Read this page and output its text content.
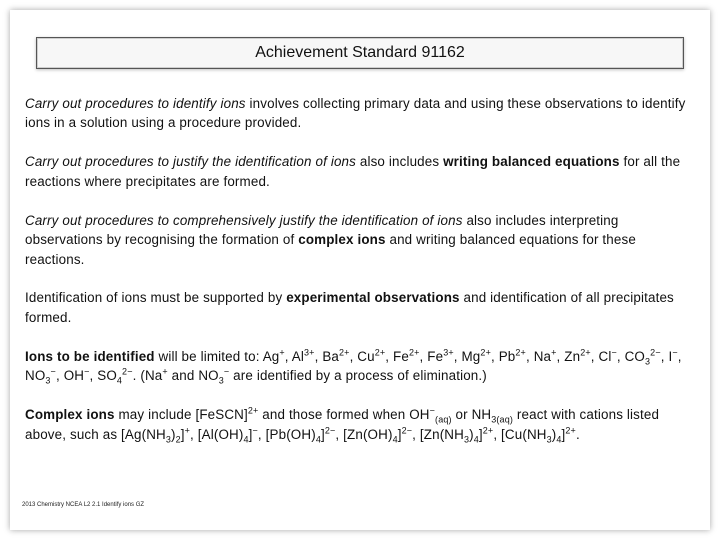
Achievement Standard 91162

Carry out procedures to identify ions involves collecting primary data and using these observations to identify ions in a solution using a procedure provided.

Carry out procedures to justify the identification of ions also includes writing balanced equations for all the reactions where precipitates are formed.

Carry out procedures to comprehensively justify the identification of ions also includes interpreting observations by recognising the formation of complex ions and writing balanced equations for these reactions.

Identification of ions must be supported by experimental observations and identification of all precipitates formed.

Ions to be identified will be limited to: Ag+, $Al^{3+}$, $Ba^{2+}$, $Cu^{2+}$, $Fe^{2+}$, $Fe^{3+}$, $Mg^{2+}$, $Pb^{2+}$, Na+, $Zn^{2+}$, Cl−, $CO_3^{2-}$, I−, $NO_3^-$, OH−, $SO_4^{2-}$. (Na+ and $NO_3^-$ are identified by a process of elimination.)

Complex ions may include [FeSCN]$^{2+}$ and those formed when $OH^-_{(aq)}$ or $NH_{3(aq)}$ react with cations listed above, such as $[Ag(NH_3)_2]^+$, $[Al(OH)_4]^-$, $[Pb(OH)_4]^{2-}$, $[Zn(OH)_4]^{2-}$, $[Zn(NH_3)_4]^{2+}$, $[Cu(NH_3)_4]^{2+}$.

2013 Chemistry NCEA L2 2.1 Identify ions GZ
